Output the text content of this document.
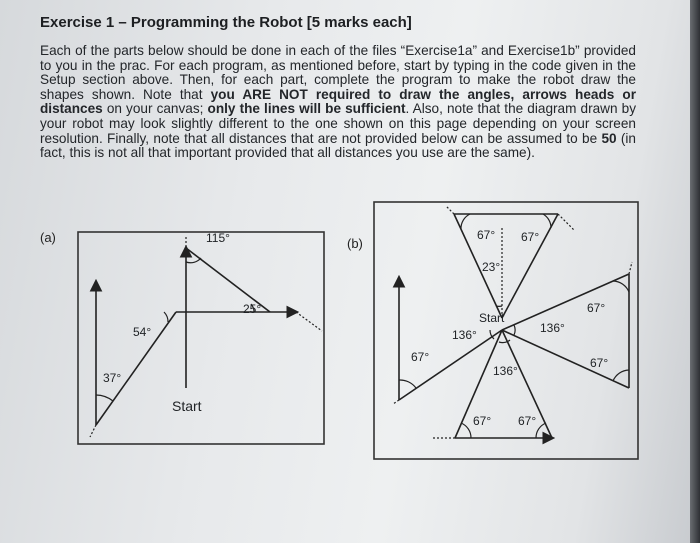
Exercise 1 – Programming the Robot [5 marks each]
Each of the parts below should be done in each of the files “Exercise1a” and Exercise1b” provided to you in the prac. For each program, as mentioned before, start by typing in the code given in the Setup section above. Then, for each part, complete the program to make the robot draw the shapes shown. Note that you ARE NOT required to draw the angles, arrows heads or distances on your canvas; only the lines will be sufficient. Also, note that the diagram drawn by your robot may look slightly different to the one shown on this page depending on your screen resolution. Finally, note that all distances that are not provided below can be assumed to be 50 (in fact, this is not all that important provided that all distances you use are the same).
(a)	(b)
115°
25°
54°
37°
Start
67° 67°
23°
67°
136°	136°
136°
67°	67°
67° 67°
Start
